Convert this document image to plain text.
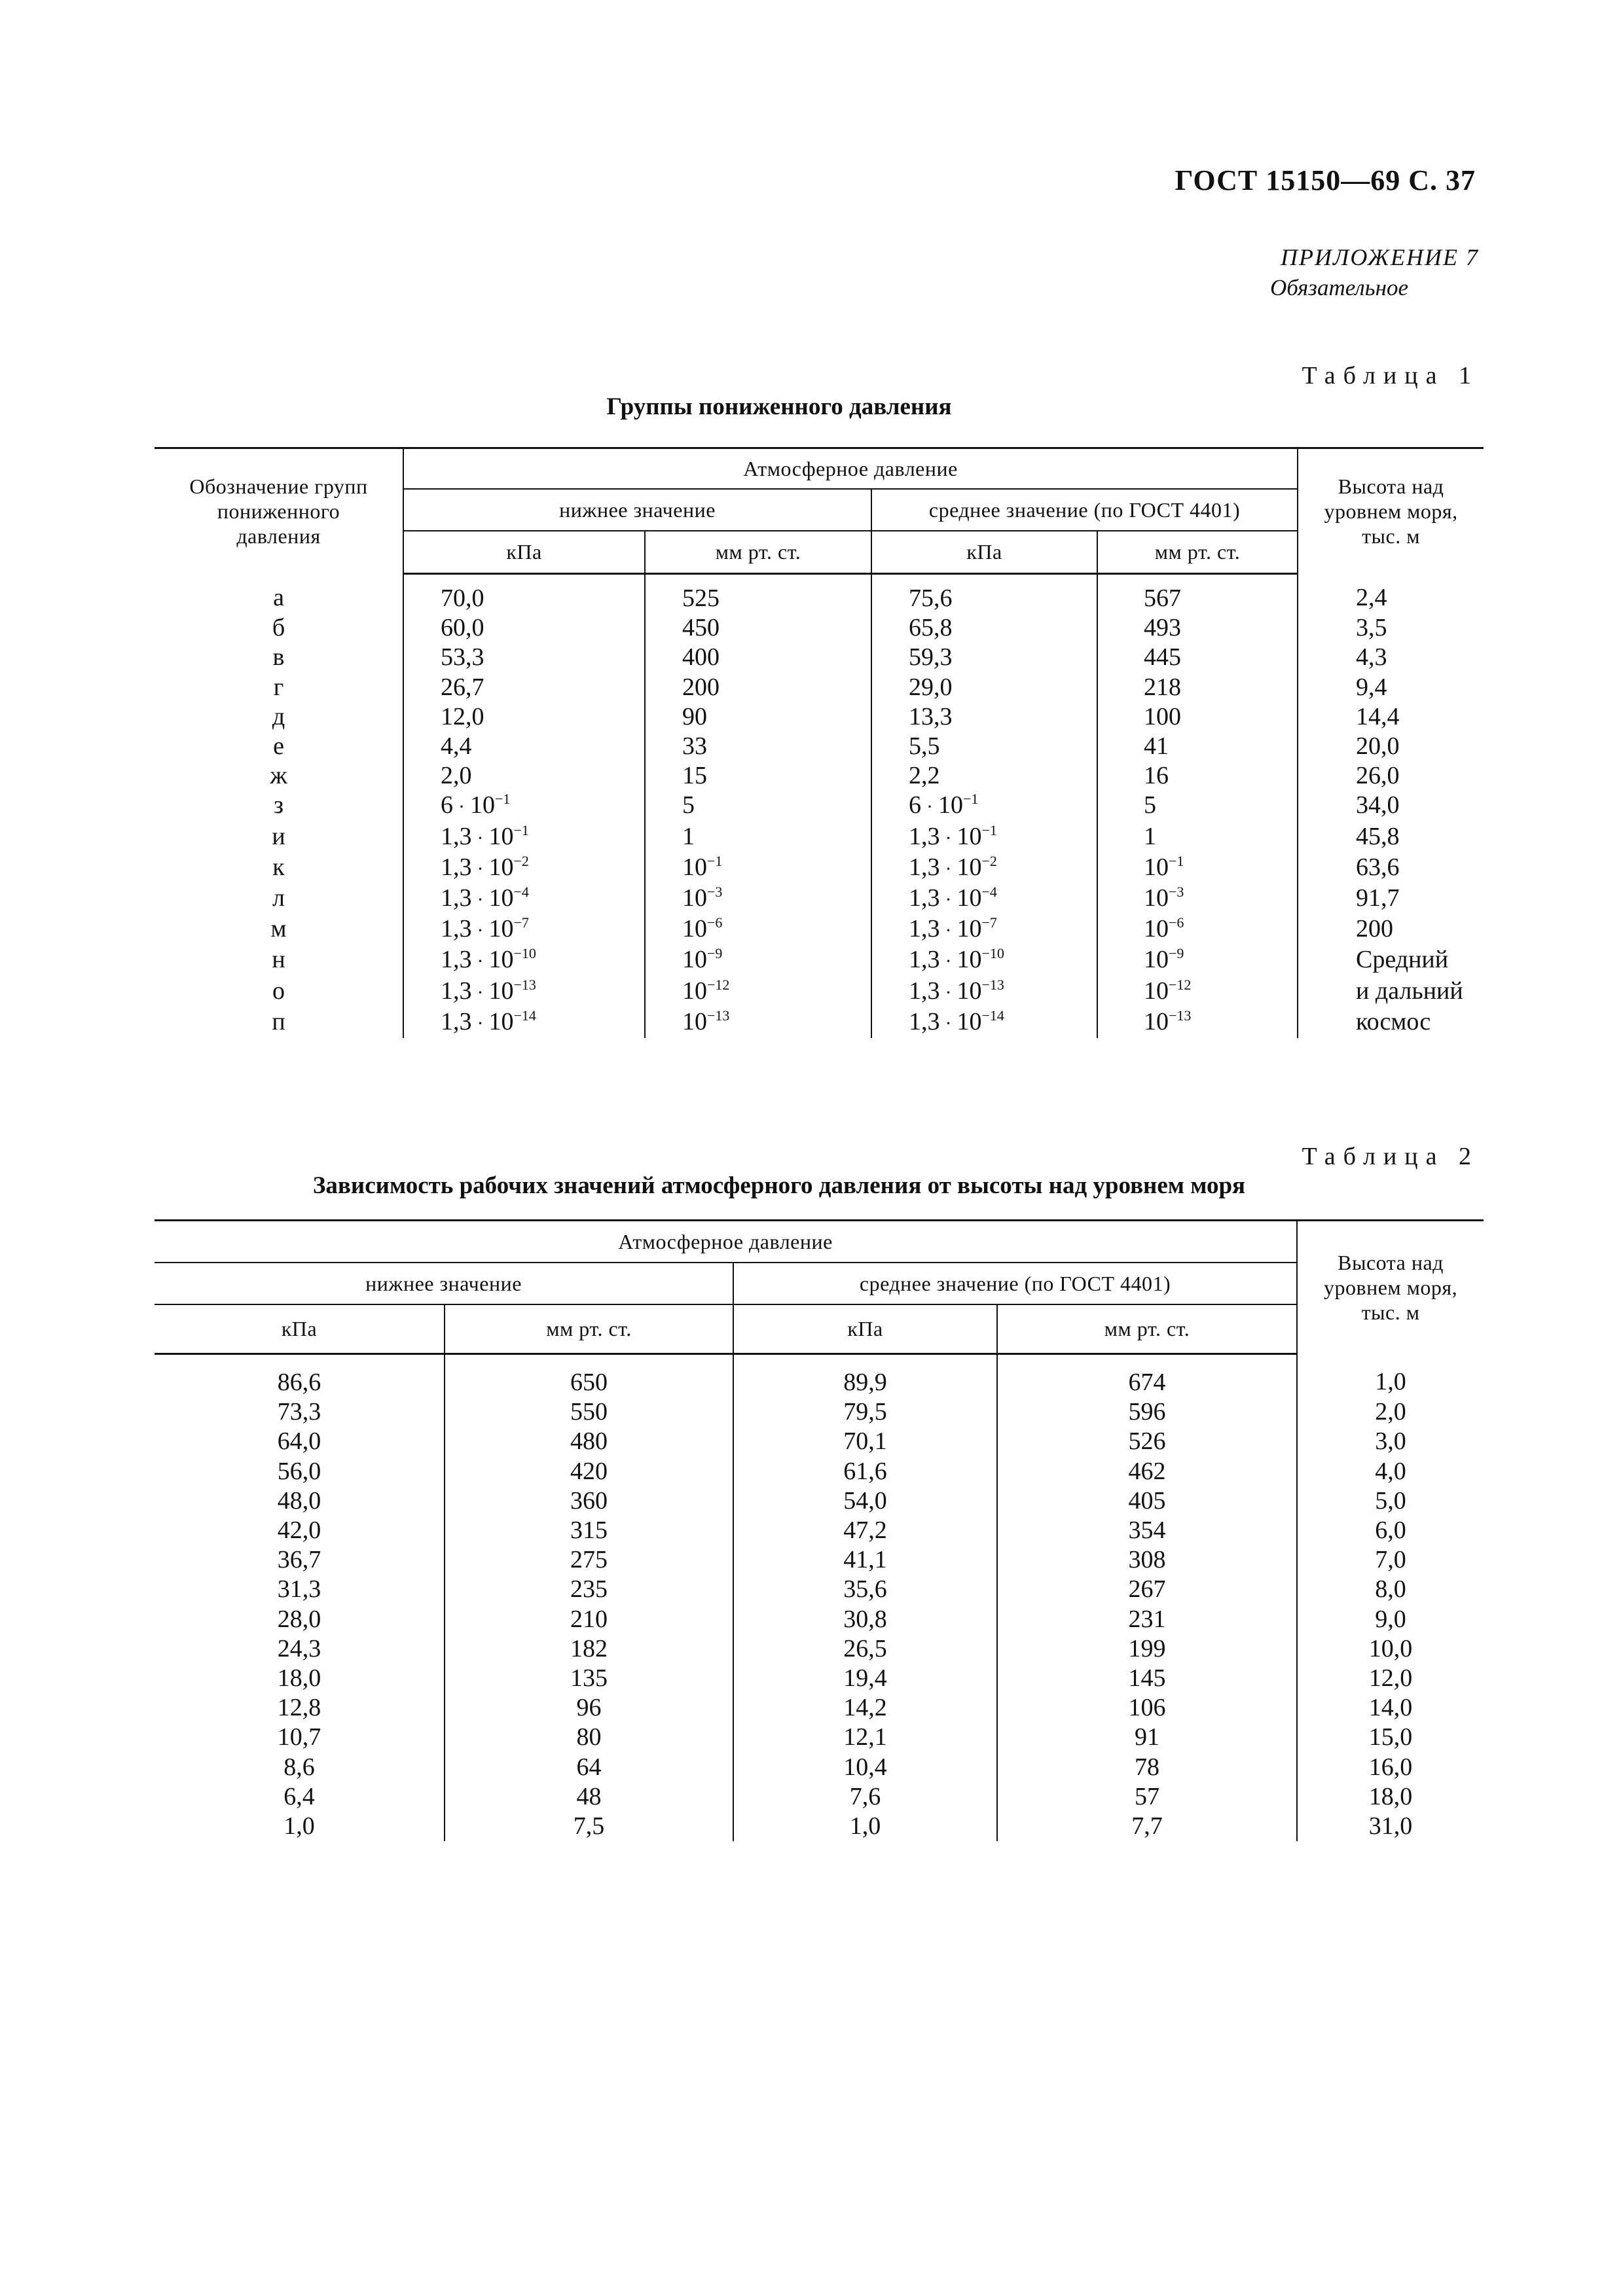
ГОСТ 15150—69 С. 37
ПРИЛОЖЕНИЕ 7
Обязательное
Таблица 1
Группы пониженного давления
Обозначение групп пониженного давления	Атмосферное давление				Высота над уровнем моря, тыс. м
	нижнее значение		среднее значение (по ГОСТ 4401)		
	кПа	мм рт. ст.	кПа	мм рт. ст.	
а	70,0	525	75,6	567	2,4
б	60,0	450	65,8	493	3,5
в	53,3	400	59,3	445	4,3
г	26,7	200	29,0	218	9,4
д	12,0	90	13,3	100	14,4
е	4,4	33	5,5	41	20,0
ж	2,0	15	2,2	16	26,0
з	$6 \cdot 10^{-1}$	5	$6 \cdot 10^{-1}$	5	34,0
и	$1,3 \cdot 10^{-1}$	1	$1,3 \cdot 10^{-1}$	1	45,8
к	$1,3 \cdot 10^{-2}$	$10^{-1}$	$1,3 \cdot 10^{-2}$	$10^{-1}$	63,6
л	$1,3 \cdot 10^{-4}$	$10^{-3}$	$1,3 \cdot 10^{-4}$	$10^{-3}$	91,7
м	$1,3 \cdot 10^{-7}$	$10^{-6}$	$1,3 \cdot 10^{-7}$	$10^{-6}$	200
н	$1,3 \cdot 10^{-10}$	$10^{-9}$	$1,3 \cdot 10^{-10}$	$10^{-9}$	Средний
о	$1,3 \cdot 10^{-13}$	$10^{-12}$	$1,3 \cdot 10^{-13}$	$10^{-12}$	и дальний
п	$1,3 \cdot 10^{-14}$	$10^{-13}$	$1,3 \cdot 10^{-14}$	$10^{-13}$	космос
Таблица 2
Зависимость рабочих значений атмосферного давления от высоты над уровнем моря
Атмосферное давление				Высота над уровнем моря, тыс. м
нижнее значение		среднее значение (по ГОСТ 4401)		
кПа	мм рт. ст.	кПа	мм рт. ст.	
86,6	650	89,9	674	1,0
73,3	550	79,5	596	2,0
64,0	480	70,1	526	3,0
56,0	420	61,6	462	4,0
48,0	360	54,0	405	5,0
42,0	315	47,2	354	6,0
36,7	275	41,1	308	7,0
31,3	235	35,6	267	8,0
28,0	210	30,8	231	9,0
24,3	182	26,5	199	10,0
18,0	135	19,4	145	12,0
12,8	96	14,2	106	14,0
10,7	80	12,1	91	15,0
8,6	64	10,4	78	16,0
6,4	48	7,6	57	18,0
1,0	7,5	1,0	7,7	31,0
